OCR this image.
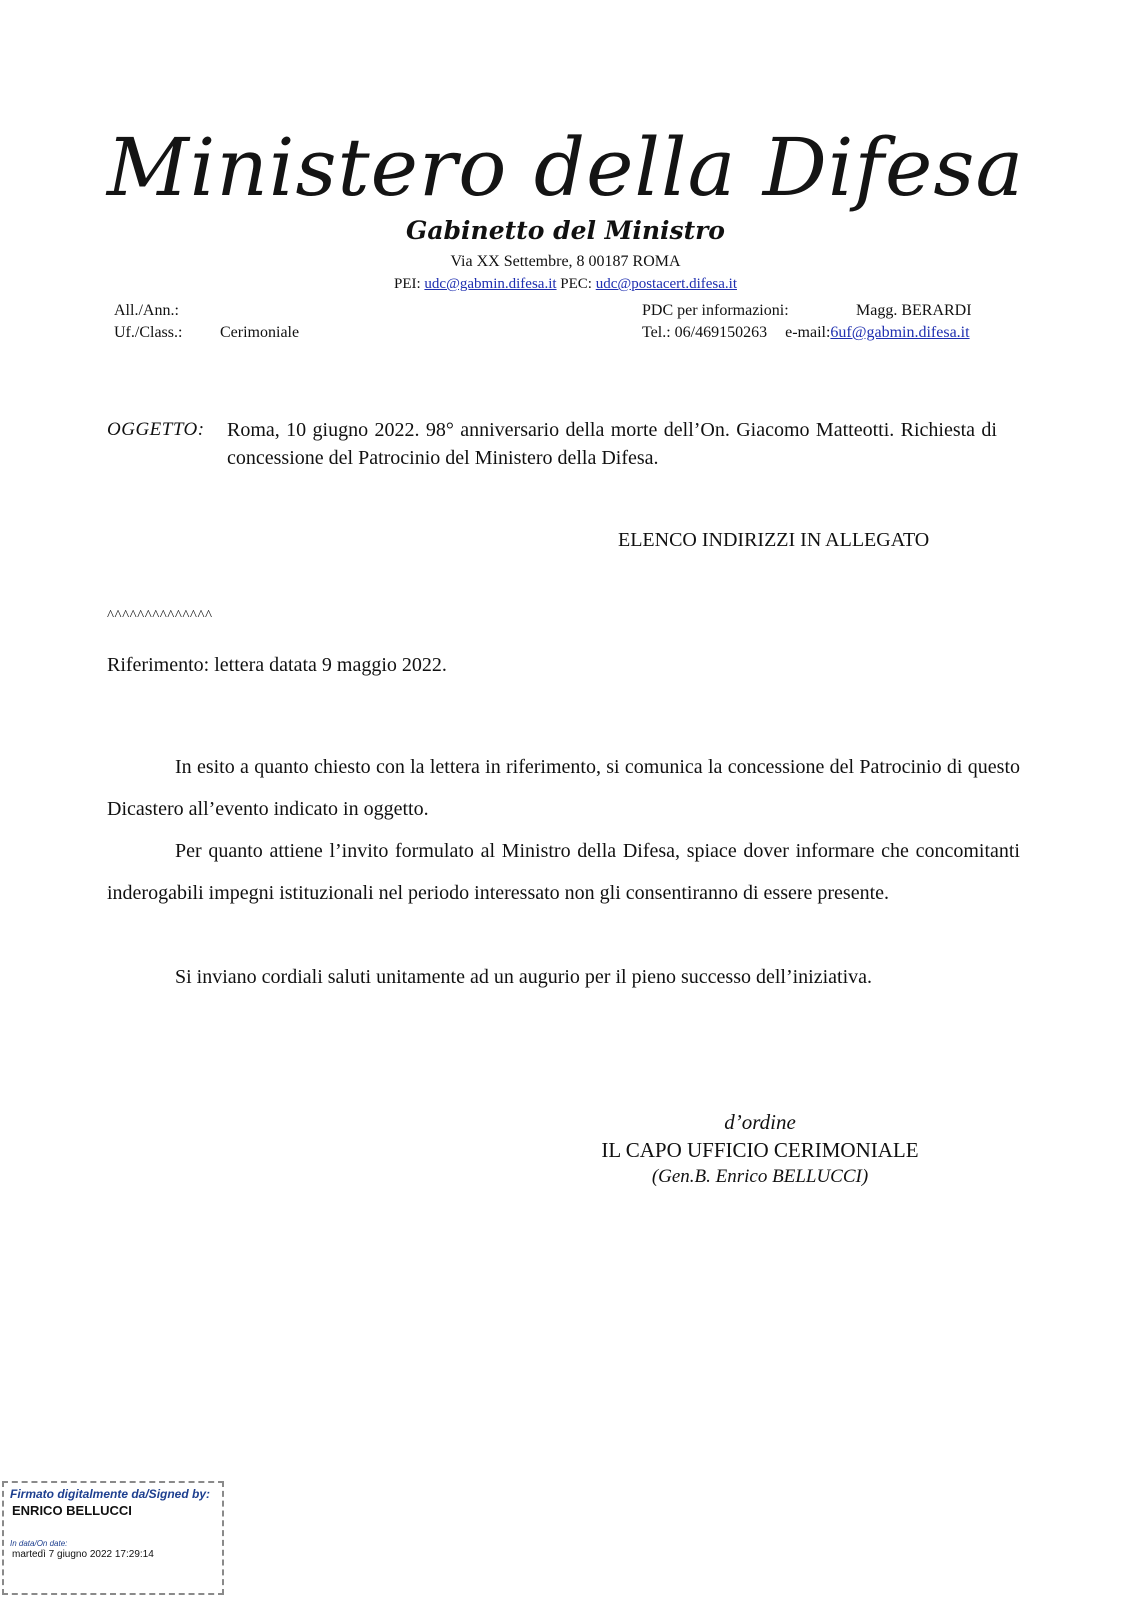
Ministero della Difesa
Gabinetto del Ministro
Via XX Settembre, 8 00187 ROMA
PEI: udc@gabmin.difesa.it PEC: udc@postacert.difesa.it
All./Ann.:
Uf./Class.: Cerimoniale
PDC per informazioni:	Magg. BERARDI
Tel.: 06/469150263 e-mail:6uf@gabmin.difesa.it
OGGETTO: Roma, 10 giugno 2022. 98° anniversario della morte dell’On. Giacomo Matteotti. Richiesta di concessione del Patrocinio del Ministero della Difesa.
ELENCO INDIRIZZI IN ALLEGATO
^^^^^^^^^^^^^^
Riferimento: lettera datata 9 maggio 2022.
In esito a quanto chiesto con la lettera in riferimento, si comunica la concessione del Patrocinio di questo Dicastero all’evento indicato in oggetto.
Per quanto attiene l’invito formulato al Ministro della Difesa, spiace dover informare che concomitanti inderogabili impegni istituzionali nel periodo interessato non gli consentiranno di essere presente.
Si inviano cordiali saluti unitamente ad un augurio per il pieno successo dell’iniziativa.
d’ordine
IL CAPO UFFICIO CERIMONIALE
(Gen.B. Enrico BELLUCCI)
Firmato digitalmente da/Signed by:
ENRICO BELLUCCI
In data/On date:
martedì 7 giugno 2022 17:29:14
